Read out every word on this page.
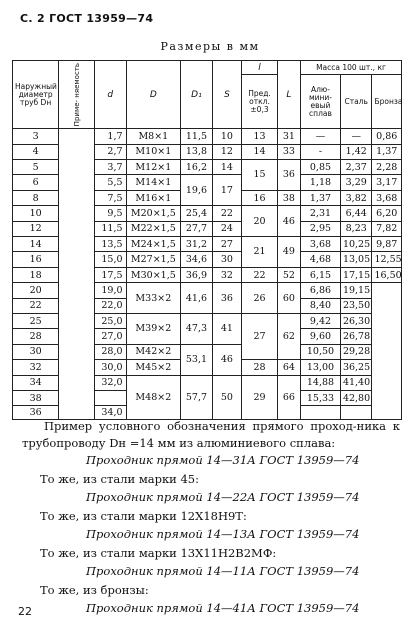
С. 2 ГОСТ 13959—74
Размеры в мм
Наружный диаметр труб Dн	Приме- няемость	d	D	D₁	S	l	L	Масса 100 шт., кг		
						Пред. откл. ±0,3		Алю- мини- евый сплав	Сталь	Бронза

3		1,7	M8×1	11,5	10	13	31	—	—	0,86
4		2,7	M10×1	13,8	12	14	33	-	1,42	1,37
5		3,7	M12×1	16,2	14	15	36	0,85	2,37	2,28
6		5,5	M14×1	19,6	17			1,18	3,29	3,17
8		7,5	M16×1			16	38	1,37	3,82	3,68
10		9,5	M20×1,5	25,4	22	20	46	2,31	6,44	6,20
12		11,5	M22×1,5	27,7	24			2,95	8,23	7,82
14		13,5	M24×1,5	31,2	27	21	49	3,68	10,25	9,87
16		15,0	M27×1,5	34,6	30			4,68	13,05	12,55
18		17,5	M30×1,5	36,9	32	22	52	6,15	17,15	16,50
20		19,0	M33×2	41,6	36	26	60	6,86	19,15	
22		22,0						8,40	23,50	
25		25,0	M39×2	47,3	41	27	62	9,42	26,30	
28		27,0						9,60	26,78	
30		28,0	M42×2	53,1	46			10,50	29,28	
32		30,0	M45×2			28	64	13,00	36,25	
34		32,0	M48×2	57,7	50	29	66	14,88	41,40	
38								15,33	42,80	
36		34,0								
Пример условного обозначения прямого проход-ника к трубопроводу Dн =14 мм из алюминиевого сплава:
Проходник прямой 14—31А ГОСТ 13959—74
То же, из стали марки 45:
Проходник прямой 14—22А ГОСТ 13959—74
То же, из стали марки 12Х18Н9Т:
Проходник прямой 14—13А ГОСТ 13959—74
То же, из стали марки 13Х11Н2В2МФ:
Проходник прямой 14—11А ГОСТ 13959—74
То же, из бронзы:
Проходник прямой 14—41А ГОСТ 13959—74
22
